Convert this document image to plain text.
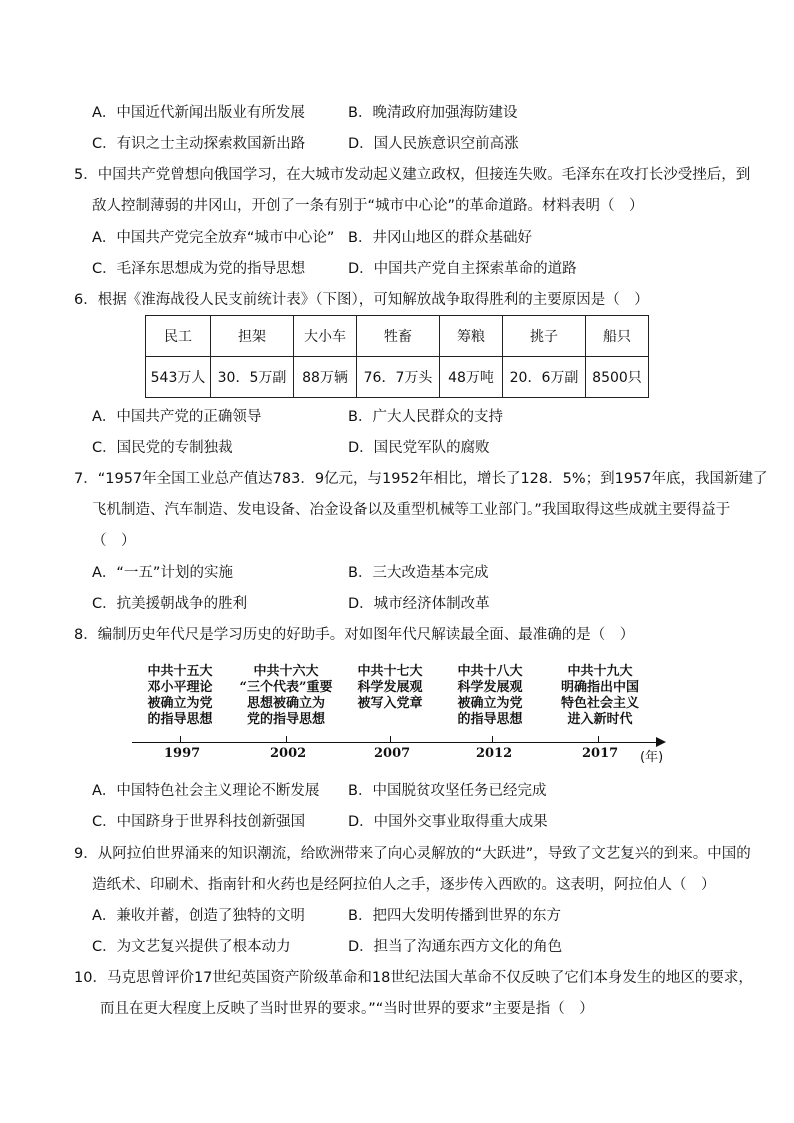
A．中国近代新闻出版业有所发展	B．晚清政府加强海防建设
C．有识之士主动探索救国新出路	D．国人民族意识空前高涨
5．中国共产党曾想向俄国学习，在大城市发动起义建立政权，但接连失败。毛泽东在攻打长沙受挫后，到
敌人控制薄弱的井冈山，开创了一条有别于“城市中心论”的革命道路。材料表明（　）
A．中国共产党完全放弃“城市中心论” B．井冈山地区的群众基础好
C．毛泽东思想成为党的指导思想	D．中国共产党自主探索革命的道路
6．根据《淮海战役人民支前统计表》（下图），可知解放战争取得胜利的主要原因是（　）
民工	担架	大小车	牲畜	筹粮	挑子	船只
543万人	30．5万副	88万辆	76．7万头	48万吨	20．6万副	8500只
A．中国共产党的正确领导	B．广大人民群众的支持
C．国民党的专制独裁	D．国民党军队的腐败
7．“1957年全国工业总产值达783．9亿元，与1952年相比，增长了128．5%；到1957年底，我国新建了
飞机制造、汽车制造、发电设备、冶金设备以及重型机械等工业部门。”我国取得这些成就主要得益于
（　）
A．“一五”计划的实施	B．三大改造基本完成
C．抗美援朝战争的胜利	D．城市经济体制改革
8．编制历史年代尺是学习历史的好助手。对如图年代尺解读最全面、最准确的是（　）
中共十五大
邓小平理论
被确立为党
的指导思想
中共十六大
“三个代表”重要
思想被确立为
党的指导思想
中共十七大
科学发展观
被写入党章
中共十八大
科学发展观
被确立为党
的指导思想
中共十九大
明确指出中国
特色社会主义
进入新时代
1997	2002	2007	2012	2017 (年)
A．中国特色社会主义理论不断发展 B．中国脱贫攻坚任务已经完成
C．中国跻身于世界科技创新强国	D．中国外交事业取得重大成果
9．从阿拉伯世界涌来的知识潮流，给欧洲带来了向心灵解放的“大跃进”，导致了文艺复兴的到来。中国的
造纸术、印刷术、指南针和火药也是经阿拉伯人之手，逐步传入西欧的。这表明，阿拉伯人（　）
A．兼收并蓄，创造了独特的文明	B．把四大发明传播到世界的东方
C．为文艺复兴提供了根本动力	D．担当了沟通东西方文化的角色
10．马克思曾评价17世纪英国资产阶级革命和18世纪法国大革命不仅反映了它们本身发生的地区的要求，
而且在更大程度上反映了当时世界的要求。”“当时世界的要求”主要是指（　）
